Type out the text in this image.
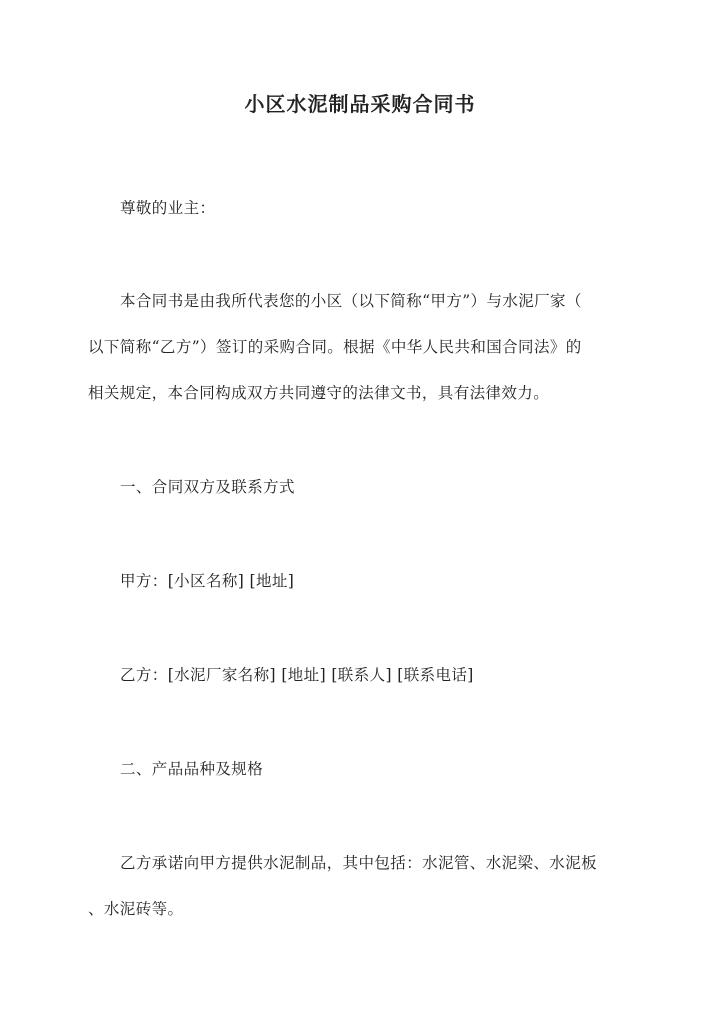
小区水泥制品采购合同书
尊敬的业主：
本合同书是由我所代表您的小区（以下简称“甲方”）与水泥厂家（
以下简称“乙方”）签订的采购合同。根据《中华人民共和国合同法》的
相关规定，本合同构成双方共同遵守的法律文书，具有法律效力。
一、合同双方及联系方式
甲方：[小区名称] [地址]
乙方：[水泥厂家名称] [地址] [联系人] [联系电话]
二、产品品种及规格
乙方承诺向甲方提供水泥制品，其中包括：水泥管、水泥梁、水泥板
、水泥砖等。
